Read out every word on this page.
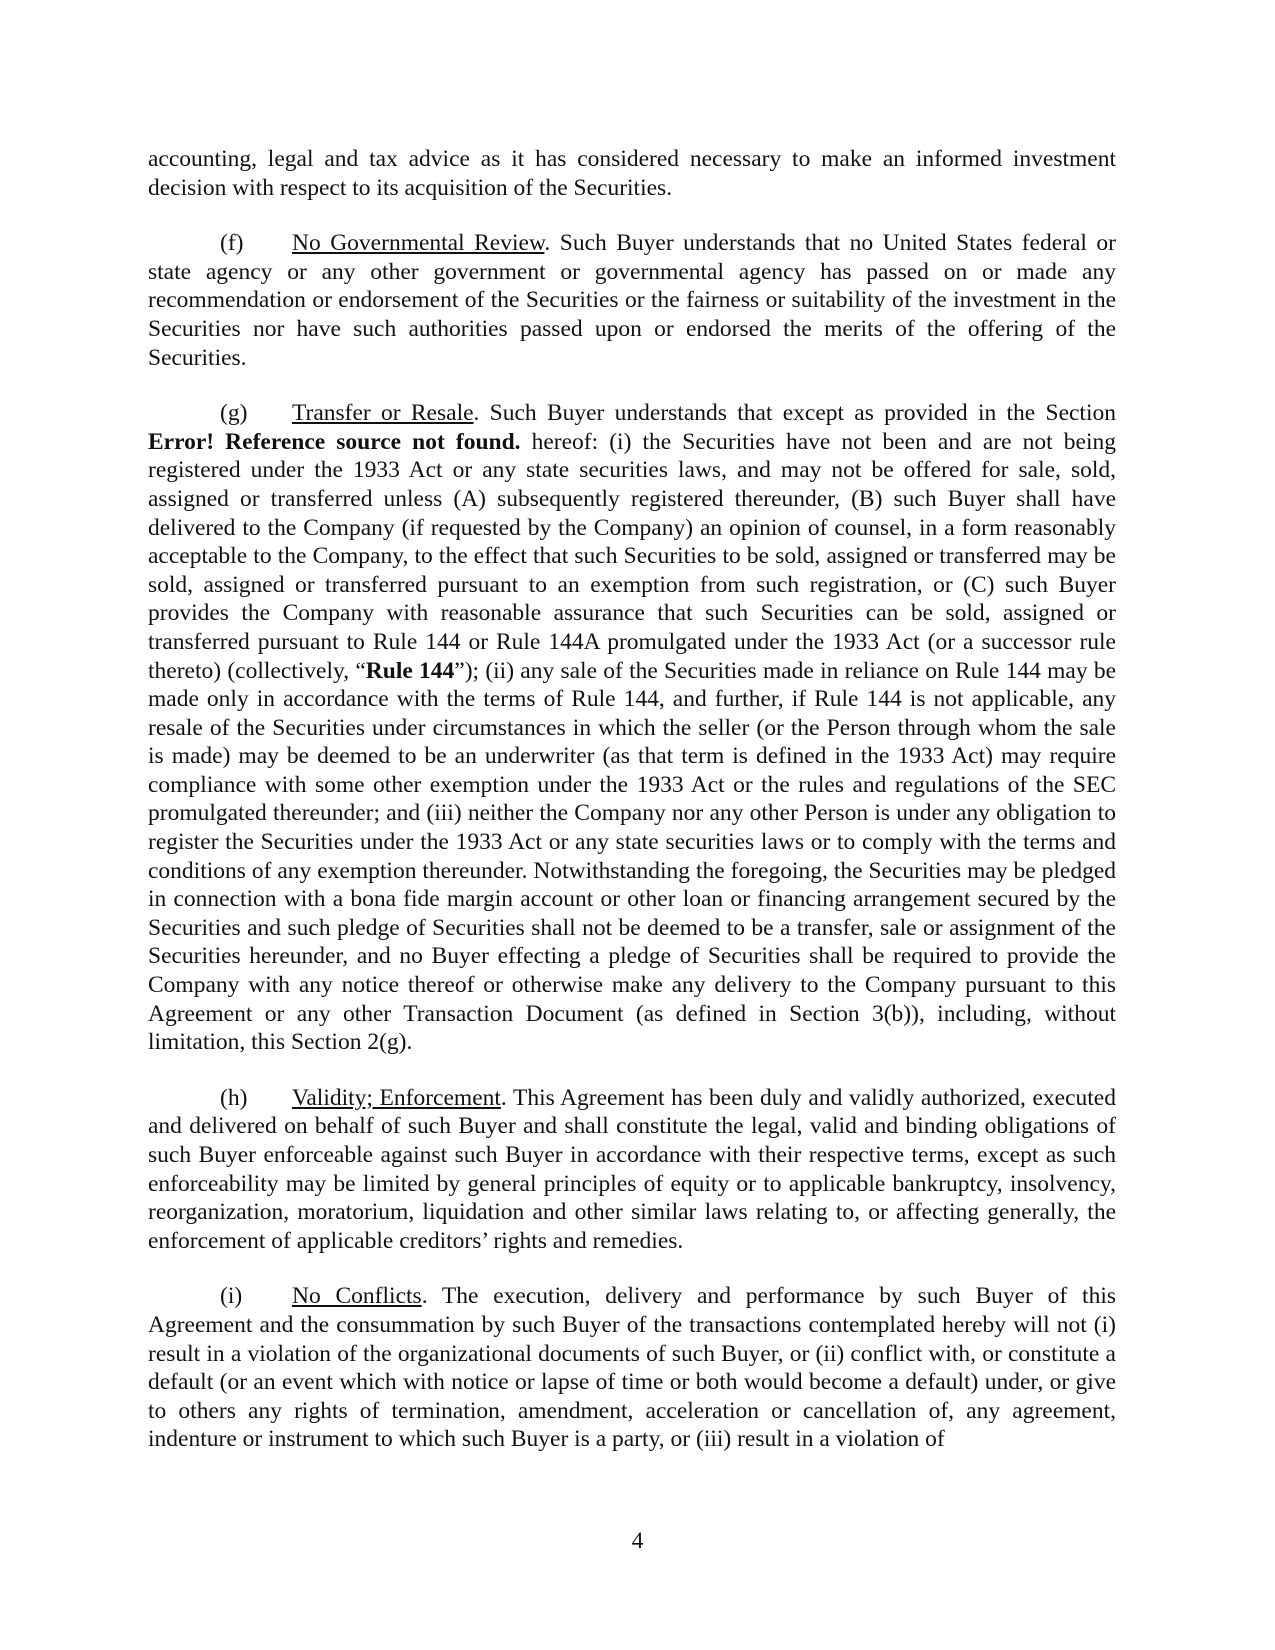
accounting, legal and tax advice as it has considered necessary to make an informed investment decision with respect to its acquisition of the Securities.

(f) No Governmental Review. Such Buyer understands that no United States federal or state agency or any other government or governmental agency has passed on or made any recommendation or endorsement of the Securities or the fairness or suitability of the investment in the Securities nor have such authorities passed upon or endorsed the merits of the offering of the Securities.

(g) Transfer or Resale. Such Buyer understands that except as provided in the Section Error! Reference source not found. hereof: (i) the Securities have not been and are not being registered under the 1933 Act or any state securities laws, and may not be offered for sale, sold, assigned or transferred unless (A) subsequently registered thereunder, (B) such Buyer shall have delivered to the Company (if requested by the Company) an opinion of counsel, in a form reasonably acceptable to the Company, to the effect that such Securities to be sold, assigned or transferred may be sold, assigned or transferred pursuant to an exemption from such registration, or (C) such Buyer provides the Company with reasonable assurance that such Securities can be sold, assigned or transferred pursuant to Rule 144 or Rule 144A promulgated under the 1933 Act (or a successor rule thereto) (collectively, “Rule 144”); (ii) any sale of the Securities made in reliance on Rule 144 may be made only in accordance with the terms of Rule 144, and further, if Rule 144 is not applicable, any resale of the Securities under circumstances in which the seller (or the Person through whom the sale is made) may be deemed to be an underwriter (as that term is defined in the 1933 Act) may require compliance with some other exemption under the 1933 Act or the rules and regulations of the SEC promulgated thereunder; and (iii) neither the Company nor any other Person is under any obligation to register the Securities under the 1933 Act or any state securities laws or to comply with the terms and conditions of any exemption thereunder. Notwithstanding the foregoing, the Securities may be pledged in connection with a bona fide margin account or other loan or financing arrangement secured by the Securities and such pledge of Securities shall not be deemed to be a transfer, sale or assignment of the Securities hereunder, and no Buyer effecting a pledge of Securities shall be required to provide the Company with any notice thereof or otherwise make any delivery to the Company pursuant to this Agreement or any other Transaction Document (as defined in Section 3(b)), including, without limitation, this Section 2(g).

(h) Validity; Enforcement. This Agreement has been duly and validly authorized, executed and delivered on behalf of such Buyer and shall constitute the legal, valid and binding obligations of such Buyer enforceable against such Buyer in accordance with their respective terms, except as such enforceability may be limited by general principles of equity or to applicable bankruptcy, insolvency, reorganization, moratorium, liquidation and other similar laws relating to, or affecting generally, the enforcement of applicable creditors’ rights and remedies.

(i) No Conflicts. The execution, delivery and performance by such Buyer of this Agreement and the consummation by such Buyer of the transactions contemplated hereby will not (i) result in a violation of the organizational documents of such Buyer, or (ii) conflict with, or constitute a default (or an event which with notice or lapse of time or both would become a default) under, or give to others any rights of termination, amendment, acceleration or cancellation of, any agreement, indenture or instrument to which such Buyer is a party, or (iii) result in a violation of

4
